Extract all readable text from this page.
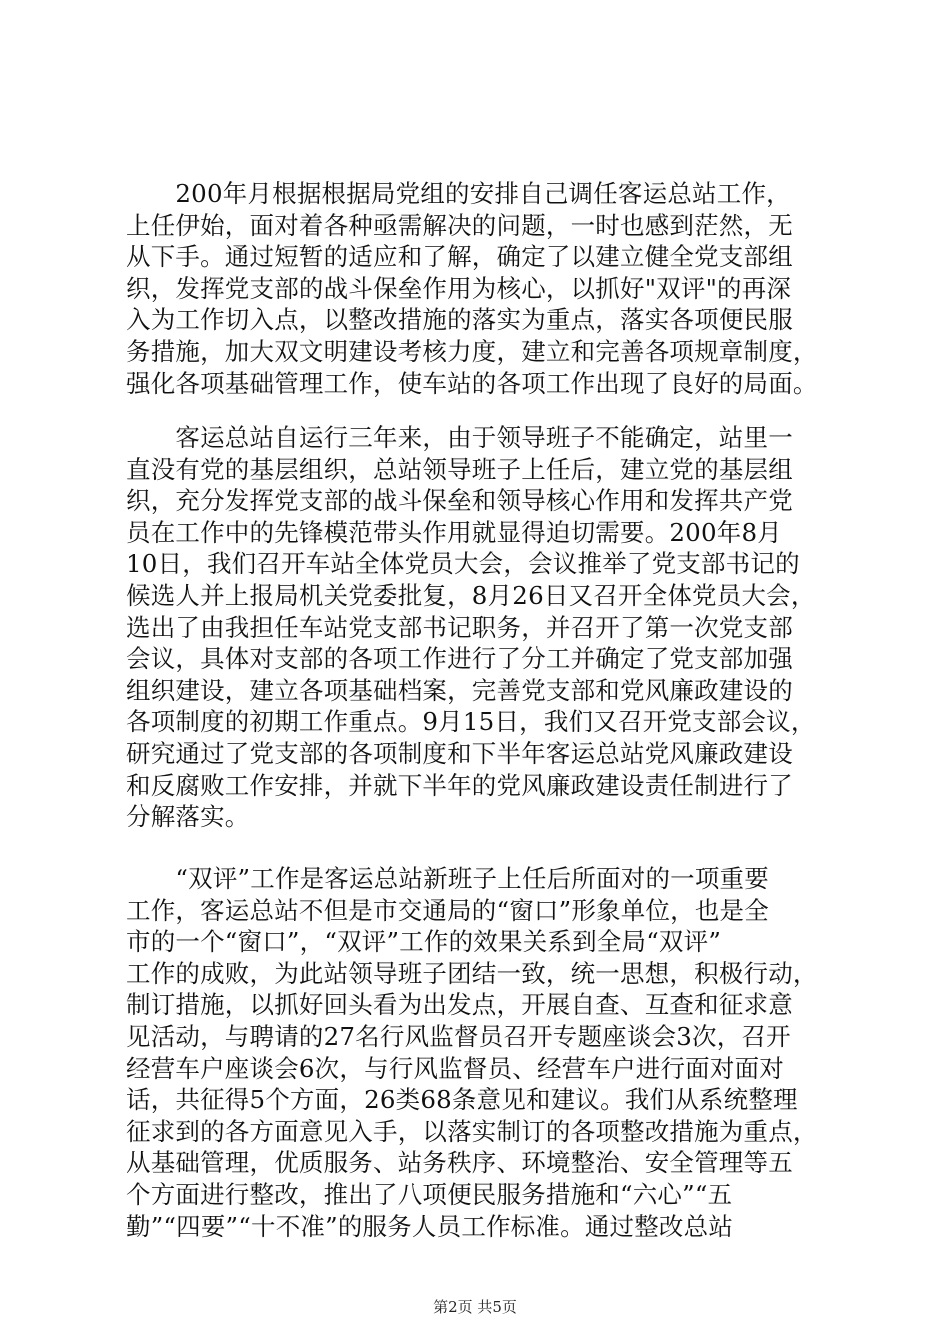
　　200年月根据根据局党组的安排自己调任客运总站工作，
上任伊始，面对着各种亟需解决的问题，一时也感到茫然，无
从下手。通过短暂的适应和了解，确定了以建立健全党支部组
织，发挥党支部的战斗保垒作用为核心，以抓好"双评"的再深
入为工作切入点，以整改措施的落实为重点，落实各项便民服
务措施，加大双文明建设考核力度，建立和完善各项规章制度，
强化各项基础管理工作，使车站的各项工作出现了良好的局面。
　　客运总站自运行三年来，由于领导班子不能确定，站里一
直没有党的基层组织，总站领导班子上任后，建立党的基层组
织，充分发挥党支部的战斗保垒和领导核心作用和发挥共产党
员在工作中的先锋模范带头作用就显得迫切需要。200年8月
10日，我们召开车站全体党员大会，会议推举了党支部书记的
候选人并上报局机关党委批复，8月26日又召开全体党员大会，
选出了由我担任车站党支部书记职务，并召开了第一次党支部
会议，具体对支部的各项工作进行了分工并确定了党支部加强
组织建设，建立各项基础档案，完善党支部和党风廉政建设的
各项制度的初期工作重点。9月15日，我们又召开党支部会议，
研究通过了党支部的各项制度和下半年客运总站党风廉政建设
和反腐败工作安排，并就下半年的党风廉政建设责任制进行了
分解落实。
　　“双评”工作是客运总站新班子上任后所面对的一项重要
工作，客运总站不但是市交通局的“窗口”形象单位，也是全
市的一个“窗口”，“双评”工作的效果关系到全局“双评”
工作的成败，为此站领导班子团结一致，统一思想，积极行动，
制订措施，以抓好回头看为出发点，开展自查、互查和征求意
见活动，与聘请的27名行风监督员召开专题座谈会3次，召开
经营车户座谈会6次，与行风监督员、经营车户进行面对面对
话，共征得5个方面，26类68条意见和建议。我们从系统整理
征求到的各方面意见入手，以落实制订的各项整改措施为重点，
从基础管理，优质服务、站务秩序、环境整治、安全管理等五
个方面进行整改，推出了八项便民服务措施和“六心”“五
勤”“四要”“十不准”的服务人员工作标准。通过整改总站
第2页 共5页
